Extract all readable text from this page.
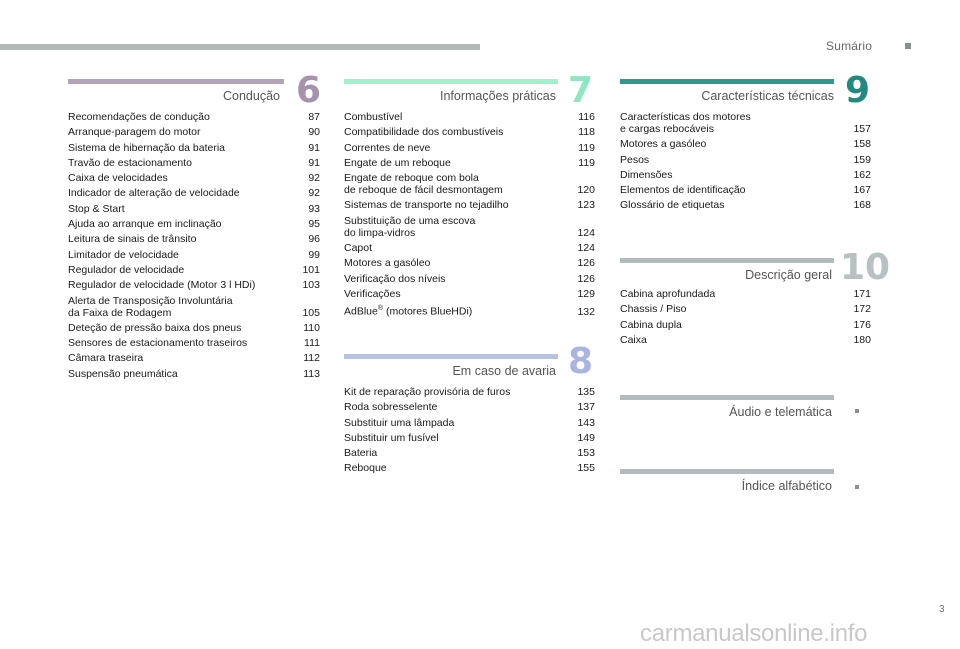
Sumário
Condução
Recomendações de condução	87
Arranque-paragem do motor	90
Sistema de hibernação da bateria	91
Travão de estacionamento	91
Caixa de velocidades	92
Indicador de alteração de velocidade	92
Stop & Start	93
Ajuda ao arranque em inclinação	95
Leitura de sinais de trânsito	96
Limitador de velocidade	99
Regulador de velocidade	101
Regulador de velocidade (Motor 3 l HDi)	103
Alerta de Transposição Involuntária
da Faixa de Rodagem	105
Deteção de pressão baixa dos pneus	110
Sensores de estacionamento traseiros	111
Câmara traseira	112
Suspensão pneumática	113
6	Informações práticas
Combustível	116
Compatibilidade dos combustíveis	118
Correntes de neve	119
Engate de um reboque	119
Engate de reboque com bola
de reboque de fácil desmontagem	120
Sistemas de transporte no tejadilho	123
Substituição de uma escova
do limpa-vidros	124
Capot	124
Motores a gasóleo	126
Verificação dos níveis	126
Verificações	129
AdBlue® (motores BlueHDi)	132
7
Em caso de avaria
Kit de reparação provisória de furos	135
Roda sobresselente	137
Substituir uma lâmpada	143
Substituir um fusível	149
Bateria	153
Reboque	155
8
Características técnicas
Características dos motores
e cargas rebocáveis	157
Motores a gasóleo	158
Pesos	159
Dimensões	162
Elementos de identificação	167
Glossário de etiquetas	168
9
Descrição geral
Cabina aprofundada	171
Chassis / Piso	172
Cabina dupla	176
Caixa	180
10
Áudio e telemática
Índice alfabético
3
carmanualsonline.info
